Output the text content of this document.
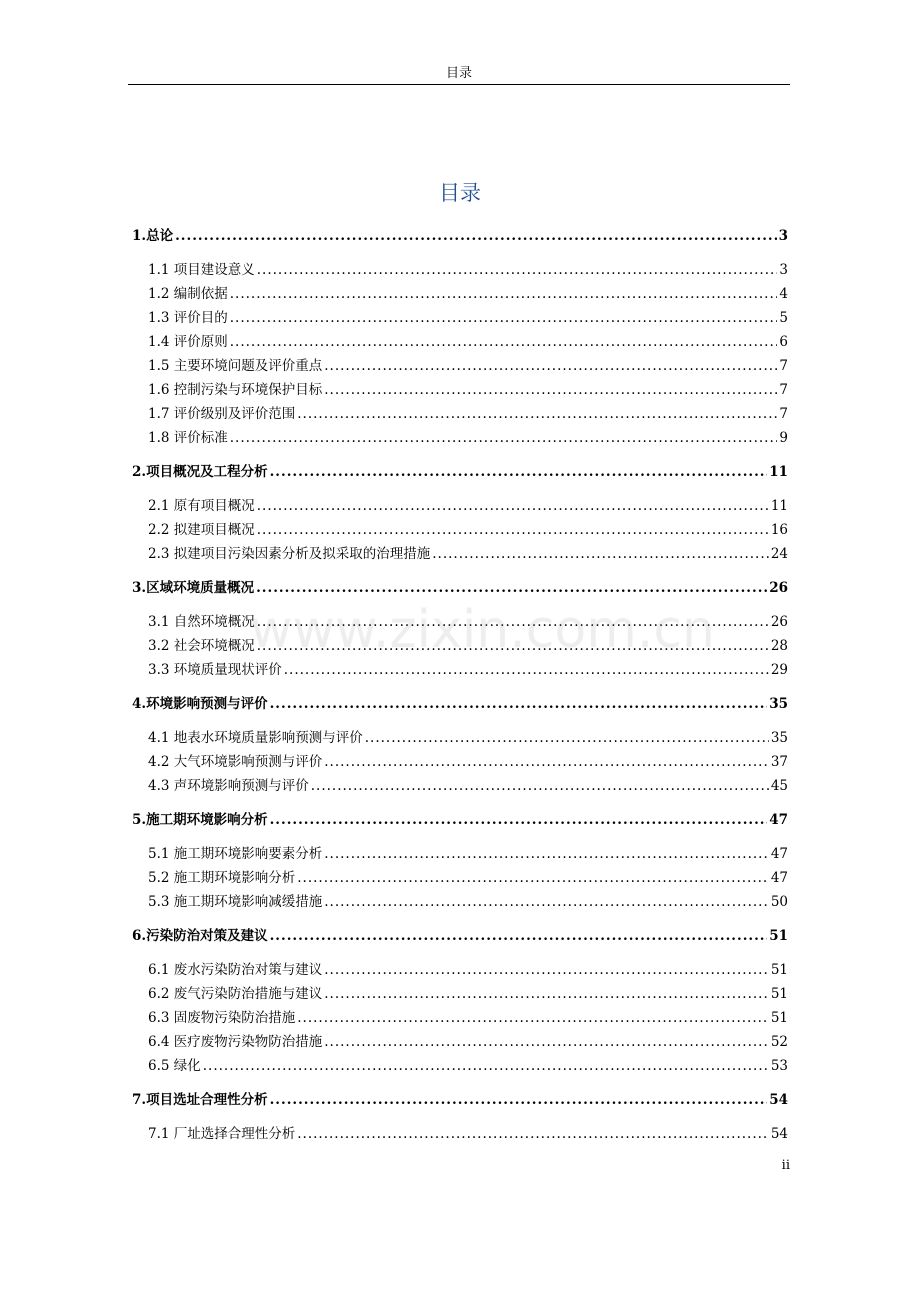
目录
目录
1.总论 .....	3
1.1 项目建设意义 .....	3
1.2 编制依据 .....	4
1.3 评价目的 .....	5
1.4 评价原则 .....	6
1.5 主要环境问题及评价重点 .....	7
1.6 控制污染与环境保护目标 .....	7
1.7 评价级别及评价范围 .....	7
1.8 评价标准 .....	9
2.项目概况及工程分析 .....	11
2.1 原有项目概况 .....	11
2.2 拟建项目概况 .....	16
2.3 拟建项目污染因素分析及拟采取的治理措施 .....	24
3.区域环境质量概况 .....	26
3.1 自然环境概况 .....	26
3.2 社会环境概况 .....	28
3.3 环境质量现状评价 .....	29
4.环境影响预测与评价 .....	35
4.1 地表水环境质量影响预测与评价 .....	35
4.2 大气环境影响预测与评价 .....	37
4.3 声环境影响预测与评价 .....	45
5.施工期环境影响分析 .....	47
5.1 施工期环境影响要素分析 .....	47
5.2 施工期环境影响分析 .....	47
5.3 施工期环境影响减缓措施 .....	50
6.污染防治对策及建议 .....	51
6.1 废水污染防治对策与建议 .....	51
6.2 废气污染防治措施与建议 .....	51
6.3 固废物污染防治措施 .....	51
6.4 医疗废物污染物防治措施 .....	52
6.5 绿化 .....	53
7.项目选址合理性分析 .....	54
7.1 厂址选择合理性分析 .....	54
www.zixin.com.cn
ii
